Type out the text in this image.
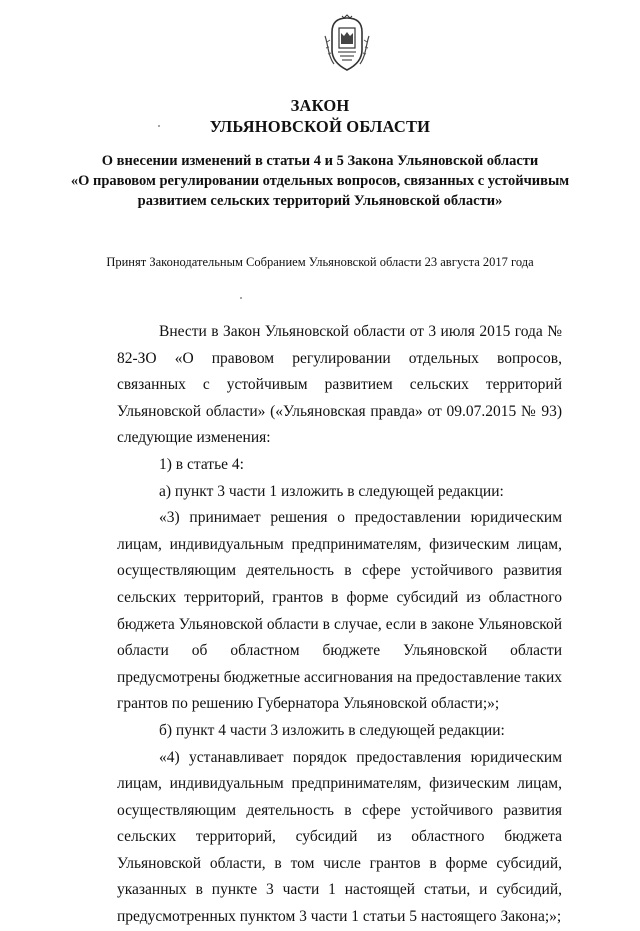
ЗАКОН
УЛЬЯНОВСКОЙ ОБЛАСТИ
О внесении изменений в статьи 4 и 5 Закона Ульяновской области
«О правовом регулировании отдельных вопросов, связанных с устойчивым
развитием сельских территорий Ульяновской области»
Принят Законодательным Собранием Ульяновской области 23 августа 2017 года

Внести в Закон Ульяновской области от 3 июля 2015 года № 82-ЗО «О правовом регулировании отдельных вопросов, связанных с устойчивым развитием сельских территорий Ульяновской области» («Ульяновская правда» от 09.07.2015 № 93) следующие изменения:

1) в статье 4:

а) пункт 3 части 1 изложить в следующей редакции:

«3) принимает решения о предоставлении юридическим лицам, индивидуальным предпринимателям, физическим лицам, осуществляющим деятельность в сфере устойчивого развития сельских территорий, грантов в форме субсидий из областного бюджета Ульяновской области в случае, если в законе Ульяновской области об областном бюджете Ульяновской области предусмотрены бюджетные ассигнования на предоставление таких грантов по решению Губернатора Ульяновской области;»;

б) пункт 4 части 3 изложить в следующей редакции:

«4) устанавливает порядок предоставления юридическим лицам, индивидуальным предпринимателям, физическим лицам, осуществляющим деятельность в сфере устойчивого развития сельских территорий, субсидий из областного бюджета Ульяновской области, в том числе грантов в форме субсидий, указанных в пункте 3 части 1 настоящей статьи, и субсидий, предусмотренных пунктом 3 части 1 статьи 5 настоящего Закона;»;
